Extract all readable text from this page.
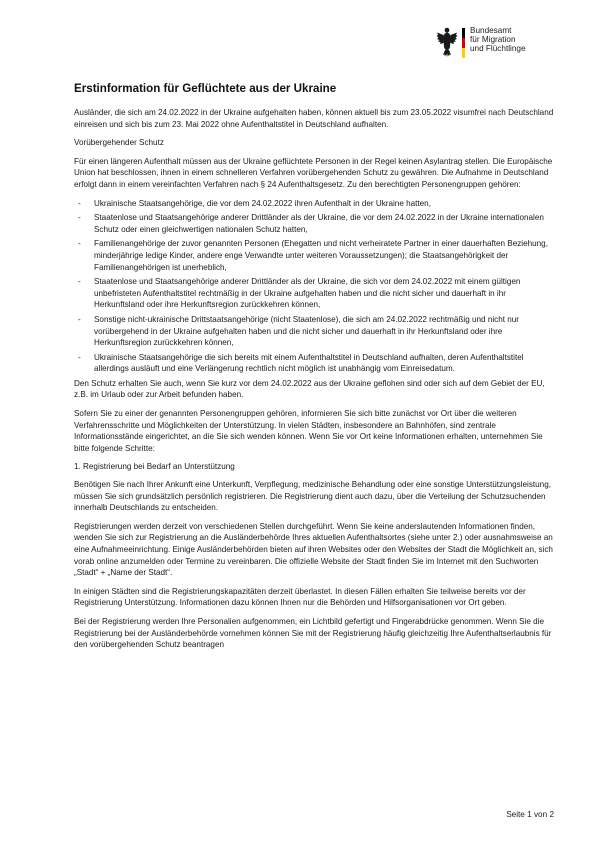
Bundesamt
für Migration
und Flüchtlinge
Erstinformation für Geflüchtete aus der Ukraine

Ausländer, die sich am 24.02.2022 in der Ukraine aufgehalten haben, können aktuell bis zum 23.05.2022 visumfrei nach Deutschland einreisen und sich bis zum 23. Mai 2022 ohne Aufenthaltstitel in Deutschland aufhalten.

Vorübergehender Schutz

Für einen längeren Aufenthalt müssen aus der Ukraine geflüchtete Personen in der Regel keinen Asylantrag stellen. Die Europäische Union hat beschlossen, ihnen in einem schnelleren Verfahren vorübergehenden Schutz zu gewähren. Die Aufnahme in Deutschland erfolgt dann in einem vereinfachten Verfahren nach § 24 Aufenthaltsgesetz. Zu den berechtigten Personengruppen gehören:

- Ukrainische Staatsangehörige, die vor dem 24.02.2022 ihren Aufenthalt in der Ukraine hatten,
- Staatenlose und Staatsangehörige anderer Drittländer als der Ukraine, die vor dem 24.02.2022 in der Ukraine internationalen Schutz oder einen gleichwertigen nationalen Schutz hatten,
- Familienangehörige der zuvor genannten Personen (Ehegatten und nicht verheiratete Partner in einer dauerhaften Beziehung, minderjährige ledige Kinder, andere enge Verwandte unter weiteren Voraussetzungen); die Staatsangehörigkeit der Familienangehörigen ist unerheblich,
- Staatenlose und Staatsangehörige anderer Drittländer als der Ukraine, die sich vor dem 24.02.2022 mit einem gültigen unbefristeten Aufenthaltstitel rechtmäßig in der Ukraine aufgehalten haben und die nicht sicher und dauerhaft in ihr Herkunftsland oder ihre Herkunftsregion zurückkehren können,
- Sonstige nicht-ukrainische Drittstaatsangehörige (nicht Staatenlose), die sich am 24.02.2022 rechtmäßig und nicht nur vorübergehend in der Ukraine aufgehalten haben und die nicht sicher und dauerhaft in ihr Herkunftsland oder ihre Herkunftsregion zurückkehren können,
- Ukrainische Staatsangehörige die sich bereits mit einem Aufenthaltstitel in Deutschland aufhalten, deren Aufenthaltstitel allerdings ausläuft und eine Verlängerung rechtlich nicht möglich ist unabhängig vom Einreisedatum.

Den Schutz erhalten Sie auch, wenn Sie kurz vor dem 24.02.2022 aus der Ukraine geflohen sind oder sich auf dem Gebiet der EU, z.B. im Urlaub oder zur Arbeit befunden haben.

Sofern Sie zu einer der genannten Personengruppen gehören, informieren Sie sich bitte zunächst vor Ort über die weiteren Verfahrensschritte und Möglichkeiten der Unterstützung. In vielen Städten, insbesondere an Bahnhöfen, sind zentrale Informationsstände eingerichtet, an die Sie sich wenden können. Wenn Sie vor Ort keine Informationen erhalten, unternehmen Sie bitte folgende Schritte:

1. Registrierung bei Bedarf an Unterstützung

Benötigen Sie nach Ihrer Ankunft eine Unterkunft, Verpflegung, medizinische Behandlung oder eine sonstige Unterstützungsleistung, müssen Sie sich grundsätzlich persönlich registrieren. Die Registrierung dient auch dazu, über die Verteilung der Schutzsuchenden innerhalb Deutschlands zu entscheiden.

Registrierungen werden derzeit von verschiedenen Stellen durchgeführt. Wenn Sie keine anderslautenden Informationen finden, wenden Sie sich zur Registrierung an die Ausländerbehörde Ihres aktuellen Aufenthaltsortes (siehe unter 2.) oder ausnahmsweise an eine Aufnahmeeinrichtung. Einige Ausländerbehörden bieten auf ihren Websites oder den Websites der Stadt die Möglichkeit an, sich vorab online anzumelden oder Termine zu vereinbaren. Die offizielle Website der Stadt finden Sie im Internet mit den Suchworten „Stadt“ + „Name der Stadt“.

In einigen Städten sind die Registrierungskapazitäten derzeit überlastet. In diesen Fällen erhalten Sie teilweise bereits vor der Registrierung Unterstützung. Informationen dazu können Ihnen nur die Behörden und Hilfsorganisationen vor Ort geben.

Bei der Registrierung werden Ihre Personalien aufgenommen, ein Lichtbild gefertigt und Fingerabdrücke genommen. Wenn Sie die Registrierung bei der Ausländerbehörde vornehmen können Sie mit der Registrierung häufig gleichzeitig Ihre Aufenthaltserlaubnis für den vorübergehenden Schutz beantragen

Seite 1 von 2
